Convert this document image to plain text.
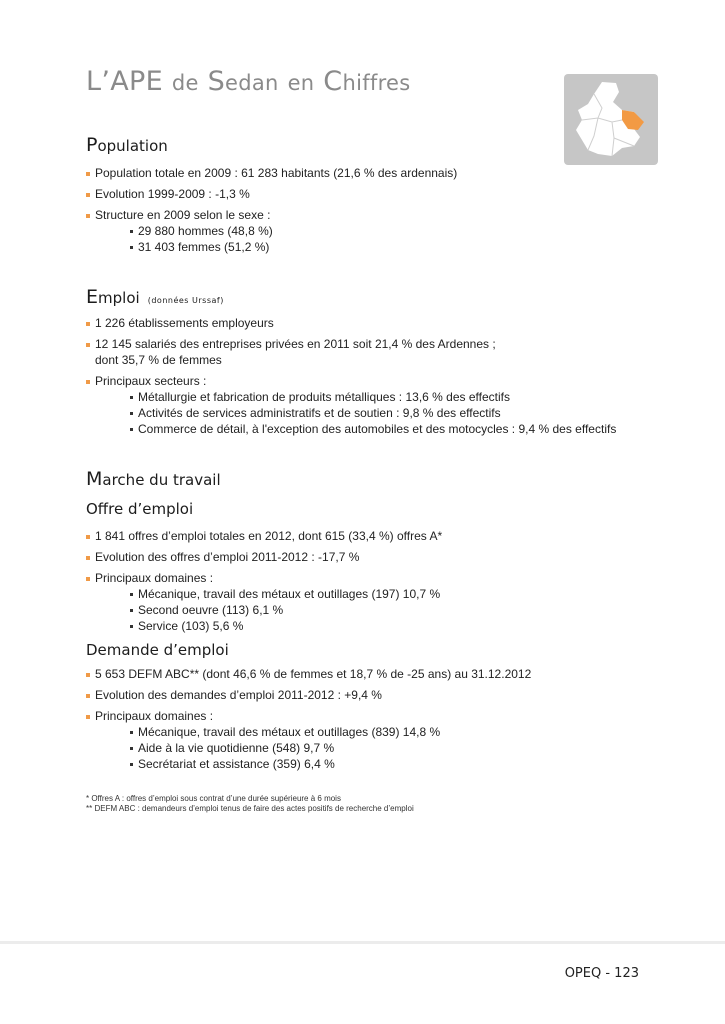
L’APE de Sedan en Chiffres
Population
Population totale en 2009 : 61 283 habitants (21,6 % des ardennais)
Evolution 1999-2009 : -1,3 %
Structure en 2009 selon le sexe :
29 880 hommes (48,8 %)
31 403 femmes (51,2 %)
Emploi (données Urssaf)
1 226 établissements employeurs
12 145 salariés des entreprises privées en 2011 soit 21,4 % des Ardennes ;
dont 35,7 % de femmes
Principaux secteurs :
Métallurgie et fabrication de produits métalliques : 13,6 % des effectifs
Activités de services administratifs et de soutien : 9,8 % des effectifs
Commerce de détail, à l'exception des automobiles et des motocycles : 9,4 % des effectifs
Marche du travail
Offre d’emploi
1 841 offres d’emploi totales en 2012, dont 615 (33,4 %) offres A*
Evolution des offres d’emploi 2011-2012 : -17,7 %
Principaux domaines :
Mécanique, travail des métaux et outillages (197) 10,7 %
Second oeuvre (113) 6,1 %
Service (103) 5,6 %
Demande d’emploi
5 653 DEFM ABC** (dont 46,6 % de femmes et 18,7 % de -25 ans) au 31.12.2012
Evolution des demandes d’emploi 2011-2012 : +9,4 %
Principaux domaines :
Mécanique, travail des métaux et outillages (839) 14,8 %
Aide à la vie quotidienne (548) 9,7 %
Secrétariat et assistance (359) 6,4 %
* Offres A : offres d’emploi sous contrat d’une durée supérieure à 6 mois
** DEFM ABC : demandeurs d’emploi tenus de faire des actes positifs de recherche d’emploi
OPEQ - 123
